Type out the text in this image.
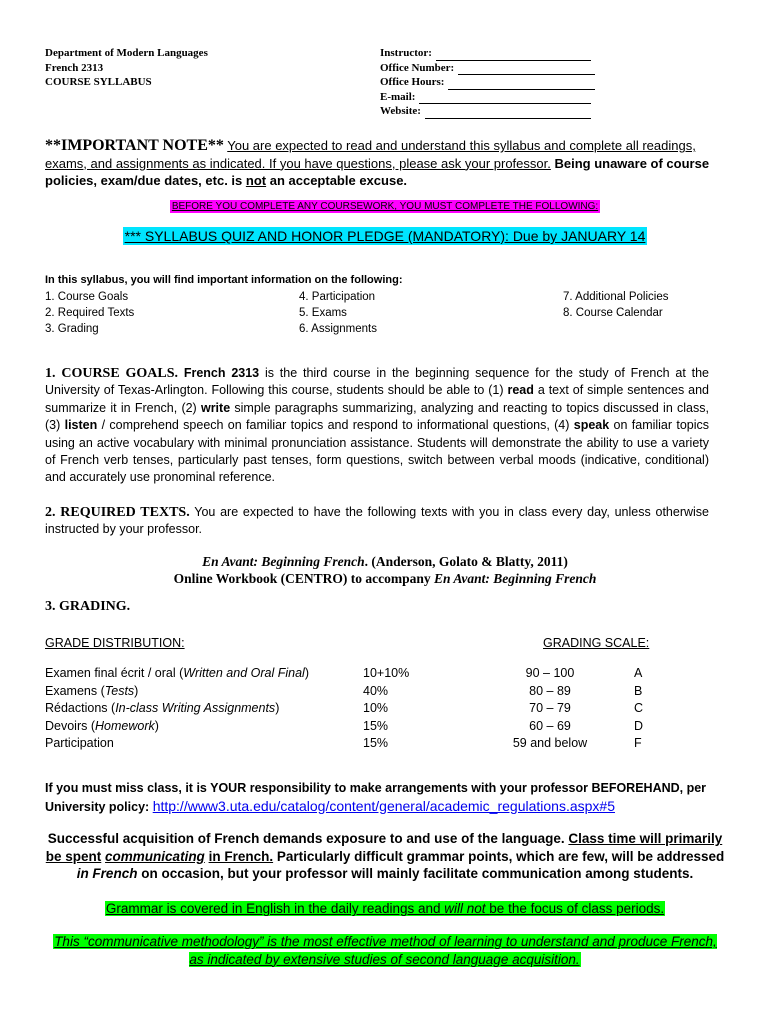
Department of Modern Languages
French 2313
COURSE SYLLABUS
Instructor:
Office Number:
Office Hours:
E-mail:
Website:
**IMPORTANT NOTE** You are expected to read and understand this syllabus and complete all readings, exams, and assignments as indicated. If you have questions, please ask your professor. Being unaware of course policies, exam/due dates, etc. is not an acceptable excuse.
BEFORE YOU COMPLETE ANY COURSEWORK, YOU MUST COMPLETE THE FOLLOWING:
*** SYLLABUS QUIZ AND HONOR PLEDGE (MANDATORY): Due by JANUARY 14
In this syllabus, you will find important information on the following:
1. Course Goals
2. Required Texts
3. Grading
4. Participation
5. Exams
6. Assignments
7. Additional Policies
8. Course Calendar
1. COURSE GOALS. French 2313 is the third course in the beginning sequence for the study of French at the University of Texas-Arlington. Following this course, students should be able to (1) read a text of simple sentences and summarize it in French, (2) write simple paragraphs summarizing, analyzing and reacting to topics discussed in class, (3) listen / comprehend speech on familiar topics and respond to informational questions, (4) speak on familiar topics using an active vocabulary with minimal pronunciation assistance. Students will demonstrate the ability to use a variety of French verb tenses, particularly past tenses, form questions, switch between verbal moods (indicative, conditional) and accurately use pronominal reference.
2. REQUIRED TEXTS. You are expected to have the following texts with you in class every day, unless otherwise instructed by your professor.
En Avant: Beginning French. (Anderson, Golato & Blatty, 2011)
Online Workbook (CENTRO) to accompany En Avant: Beginning French
3. GRADING.
GRADE DISTRIBUTION:	GRADING SCALE:
Examen final écrit / oral (Written and Oral Final)	10+10%
Examens (Tests)	40%
Rédactions (In-class Writing Assignments)	10%
Devoirs (Homework)	15%
Participation	15%
90 – 100	A
80 – 89	B
70 – 79	C
60 – 69	D
59 and below	F
If you must miss class, it is YOUR responsibility to make arrangements with your professor BEFOREHAND, per University policy: http://www3.uta.edu/catalog/content/general/academic_regulations.aspx#5
Successful acquisition of French demands exposure to and use of the language. Class time will primarily be spent communicating in French. Particularly difficult grammar points, which are few, will be addressed in French on occasion, but your professor will mainly facilitate communication among students.
Grammar is covered in English in the daily readings and will not be the focus of class periods.
This “communicative methodology” is the most effective method of learning to understand and produce French, as indicated by extensive studies of second language acquisition.
